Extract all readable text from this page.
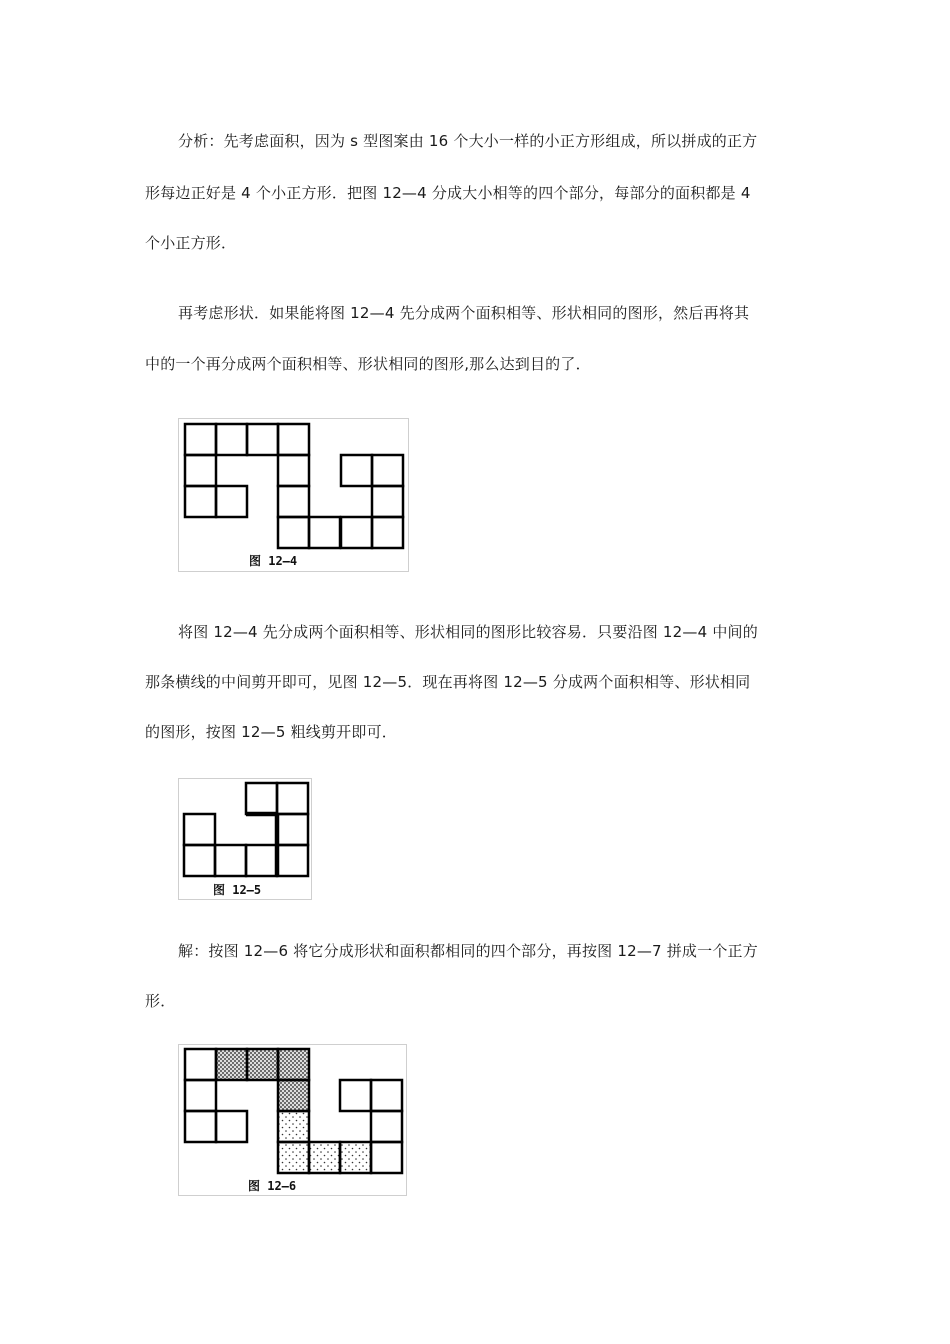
分析：先考虑面积，因为 s 型图案由 16 个大小一样的小正方形组成，所以拼成的正方
形每边正好是 4 个小正方形．把图 12—4 分成大小相等的四个部分，每部分的面积都是 4
个小正方形．
再考虑形状．如果能将图 12—4 先分成两个面积相等、形状相同的图形，然后再将其
中的一个再分成两个面积相等、形状相同的图形,那么达到目的了．
图 12—4
将图 12—4 先分成两个面积相等、形状相同的图形比较容易．只要沿图 12—4 中间的
那条横线的中间剪开即可，见图 12—5．现在再将图 12—5 分成两个面积相等、形状相同
的图形，按图 12—5 粗线剪开即可．
图 12—5
解：按图 12—6 将它分成形状和面积都相同的四个部分，再按图 12—7 拼成一个正方
形．
图 12—6
